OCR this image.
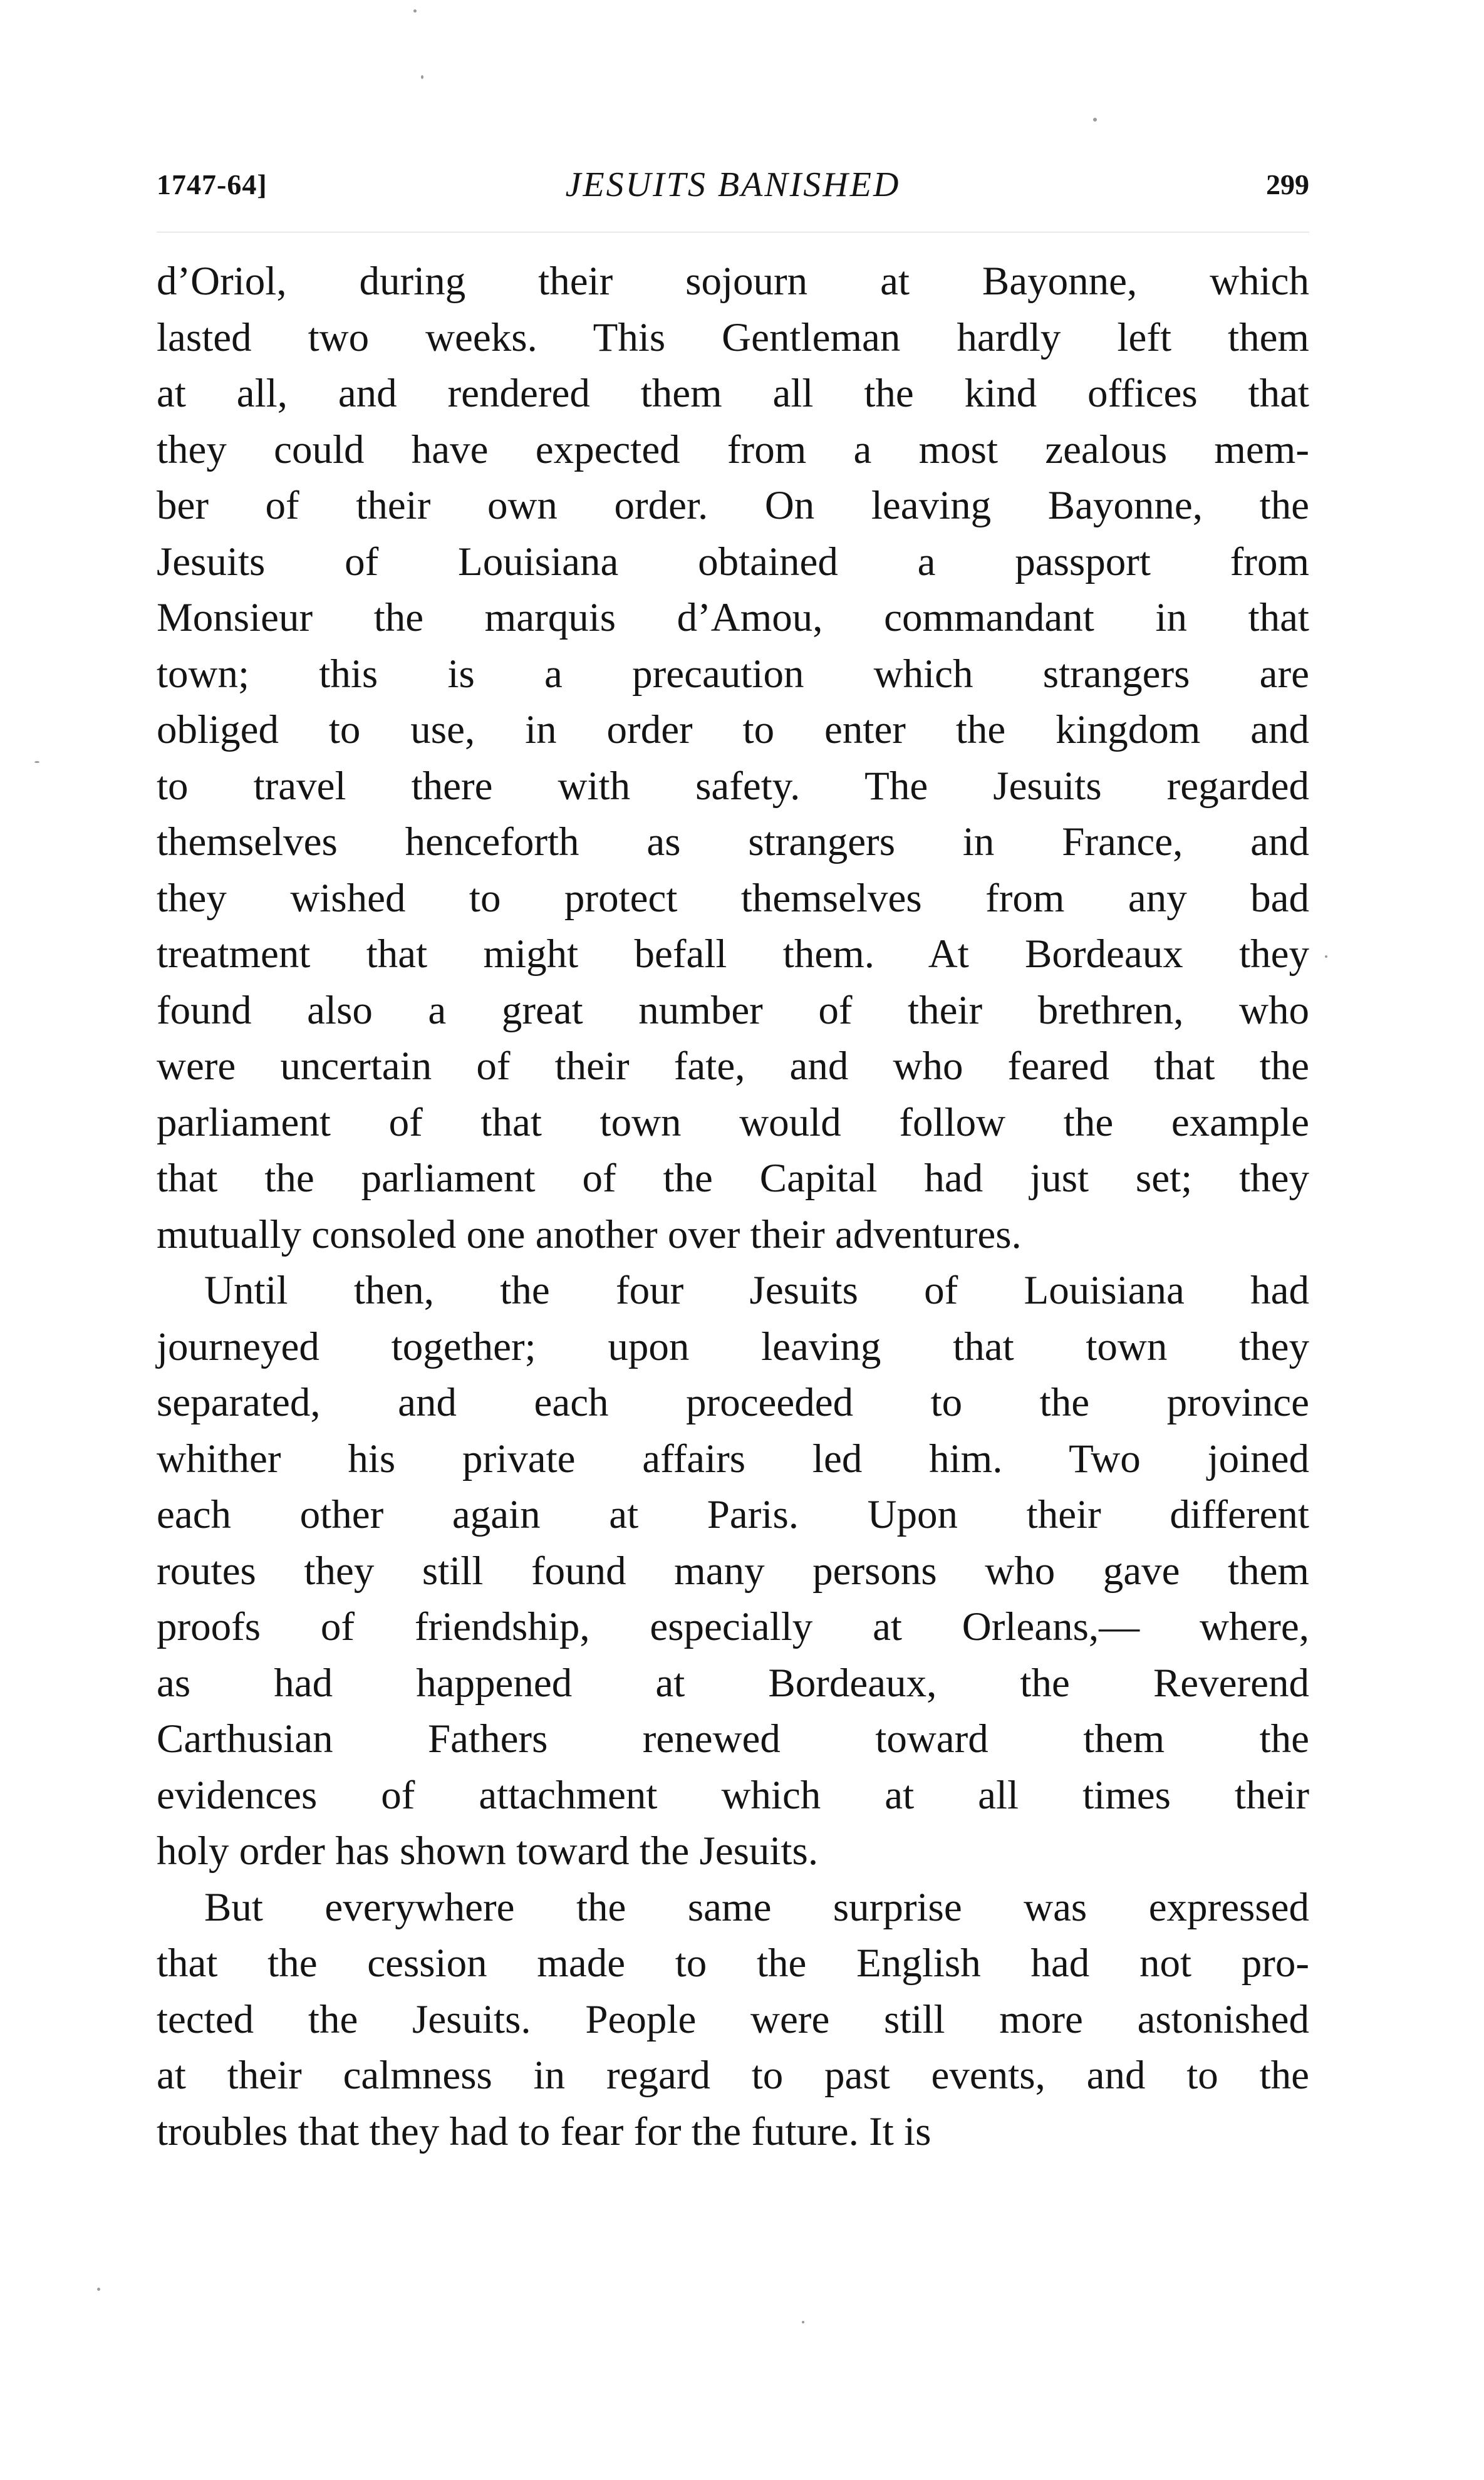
1747-64]	JESUITS BANISHED	299
d’Oriol, during their sojourn at Bayonne, which
lasted two weeks. This Gentleman hardly left them
at all, and rendered them all the kind offices that
they could have expected from a most zealous mem-
ber of their own order. On leaving Bayonne, the
Jesuits of Louisiana obtained a passport from
Monsieur the marquis d’Amou, commandant in that
town; this is a precaution which strangers are
obliged to use, in order to enter the kingdom and
to travel there with safety. The Jesuits regarded
themselves henceforth as strangers in France, and
they wished to protect themselves from any bad
treatment that might befall them. At Bordeaux they
found also a great number of their brethren, who
were uncertain of their fate, and who feared that the
parliament of that town would follow the example
that the parliament of the Capital had just set; they
mutually consoled one another over their adventures.
Until then, the four Jesuits of Louisiana had
journeyed together; upon leaving that town they
separated, and each proceeded to the province
whither his private affairs led him. Two joined
each other again at Paris. Upon their different
routes they still found many persons who gave them
proofs of friendship, especially at Orleans,— where,
as had happened at Bordeaux, the Reverend
Carthusian Fathers renewed toward them the
evidences of attachment which at all times their
holy order has shown toward the Jesuits.
But everywhere the same surprise was expressed
that the cession made to the English had not pro-
tected the Jesuits. People were still more astonished
at their calmness in regard to past events, and to the
troubles that they had to fear for the future. It is
